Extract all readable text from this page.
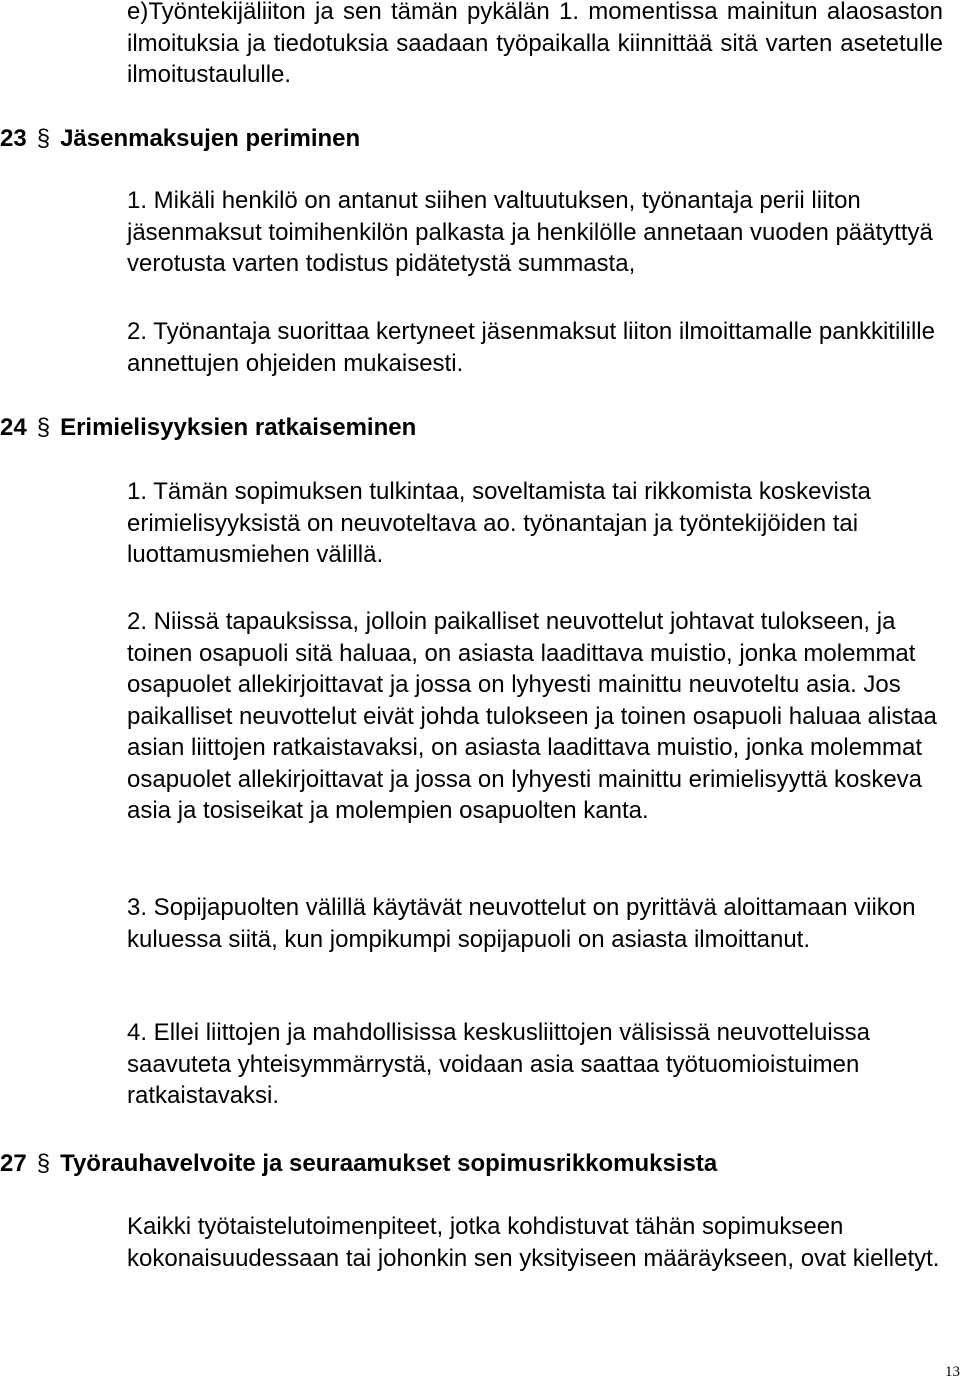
e)Työntekijäliiton ja sen tämän pykälän 1. momentissa mainitun alaosaston ilmoituksia ja tiedotuksia saadaan työpaikalla kiinnittää sitä varten asetetulle ilmoitustaululle.

23 § Jäsenmaksujen periminen

1. Mikäli henkilö on antanut siihen valtuutuksen, työnantaja perii liiton jäsenmaksut toimihenkilön palkasta ja henkilölle annetaan vuoden päätyttyä verotusta varten todistus pidätetystä summasta,

2. Työnantaja suorittaa kertyneet jäsenmaksut liiton ilmoittamalle pankkitilille annettujen ohjeiden mukaisesti.

24 § Erimielisyyksien ratkaiseminen

1. Tämän sopimuksen tulkintaa, soveltamista tai rikkomista koskevista erimielisyyksistä on neuvoteltava ao. työnantajan ja työntekijöiden tai luottamusmiehen välillä.

2. Niissä tapauksissa, jolloin paikalliset neuvottelut johtavat tulokseen, ja toinen osapuoli sitä haluaa, on asiasta laadittava muistio, jonka molemmat osapuolet allekirjoittavat ja jossa on lyhyesti mainittu neuvoteltu asia. Jos paikalliset neuvottelut eivät johda tulokseen ja toinen osapuoli haluaa alistaa asian liittojen ratkaistavaksi, on asiasta laadittava muistio, jonka molemmat osapuolet allekirjoittavat ja jossa on lyhyesti mainittu erimielisyyttä koskeva asia ja tosiseikat ja molempien osapuolten kanta.

3. Sopijapuolten välillä käytävät neuvottelut on pyrittävä aloittamaan viikon kuluessa siitä, kun jompikumpi sopijapuoli on asiasta ilmoittanut.

4. Ellei liittojen ja mahdollisissa keskusliittojen välisissä neuvotteluissa saavuteta yhteisymmärrystä, voidaan asia saattaa työtuomioistuimen ratkaistavaksi.

27 § Työrauhavelvoite ja seuraamukset sopimusrikkomuksista

Kaikki työtaistelutoimenpiteet, jotka kohdistuvat tähän sopimukseen kokonaisuudessaan tai johonkin sen yksityiseen määräykseen, ovat kielletyt.

13
